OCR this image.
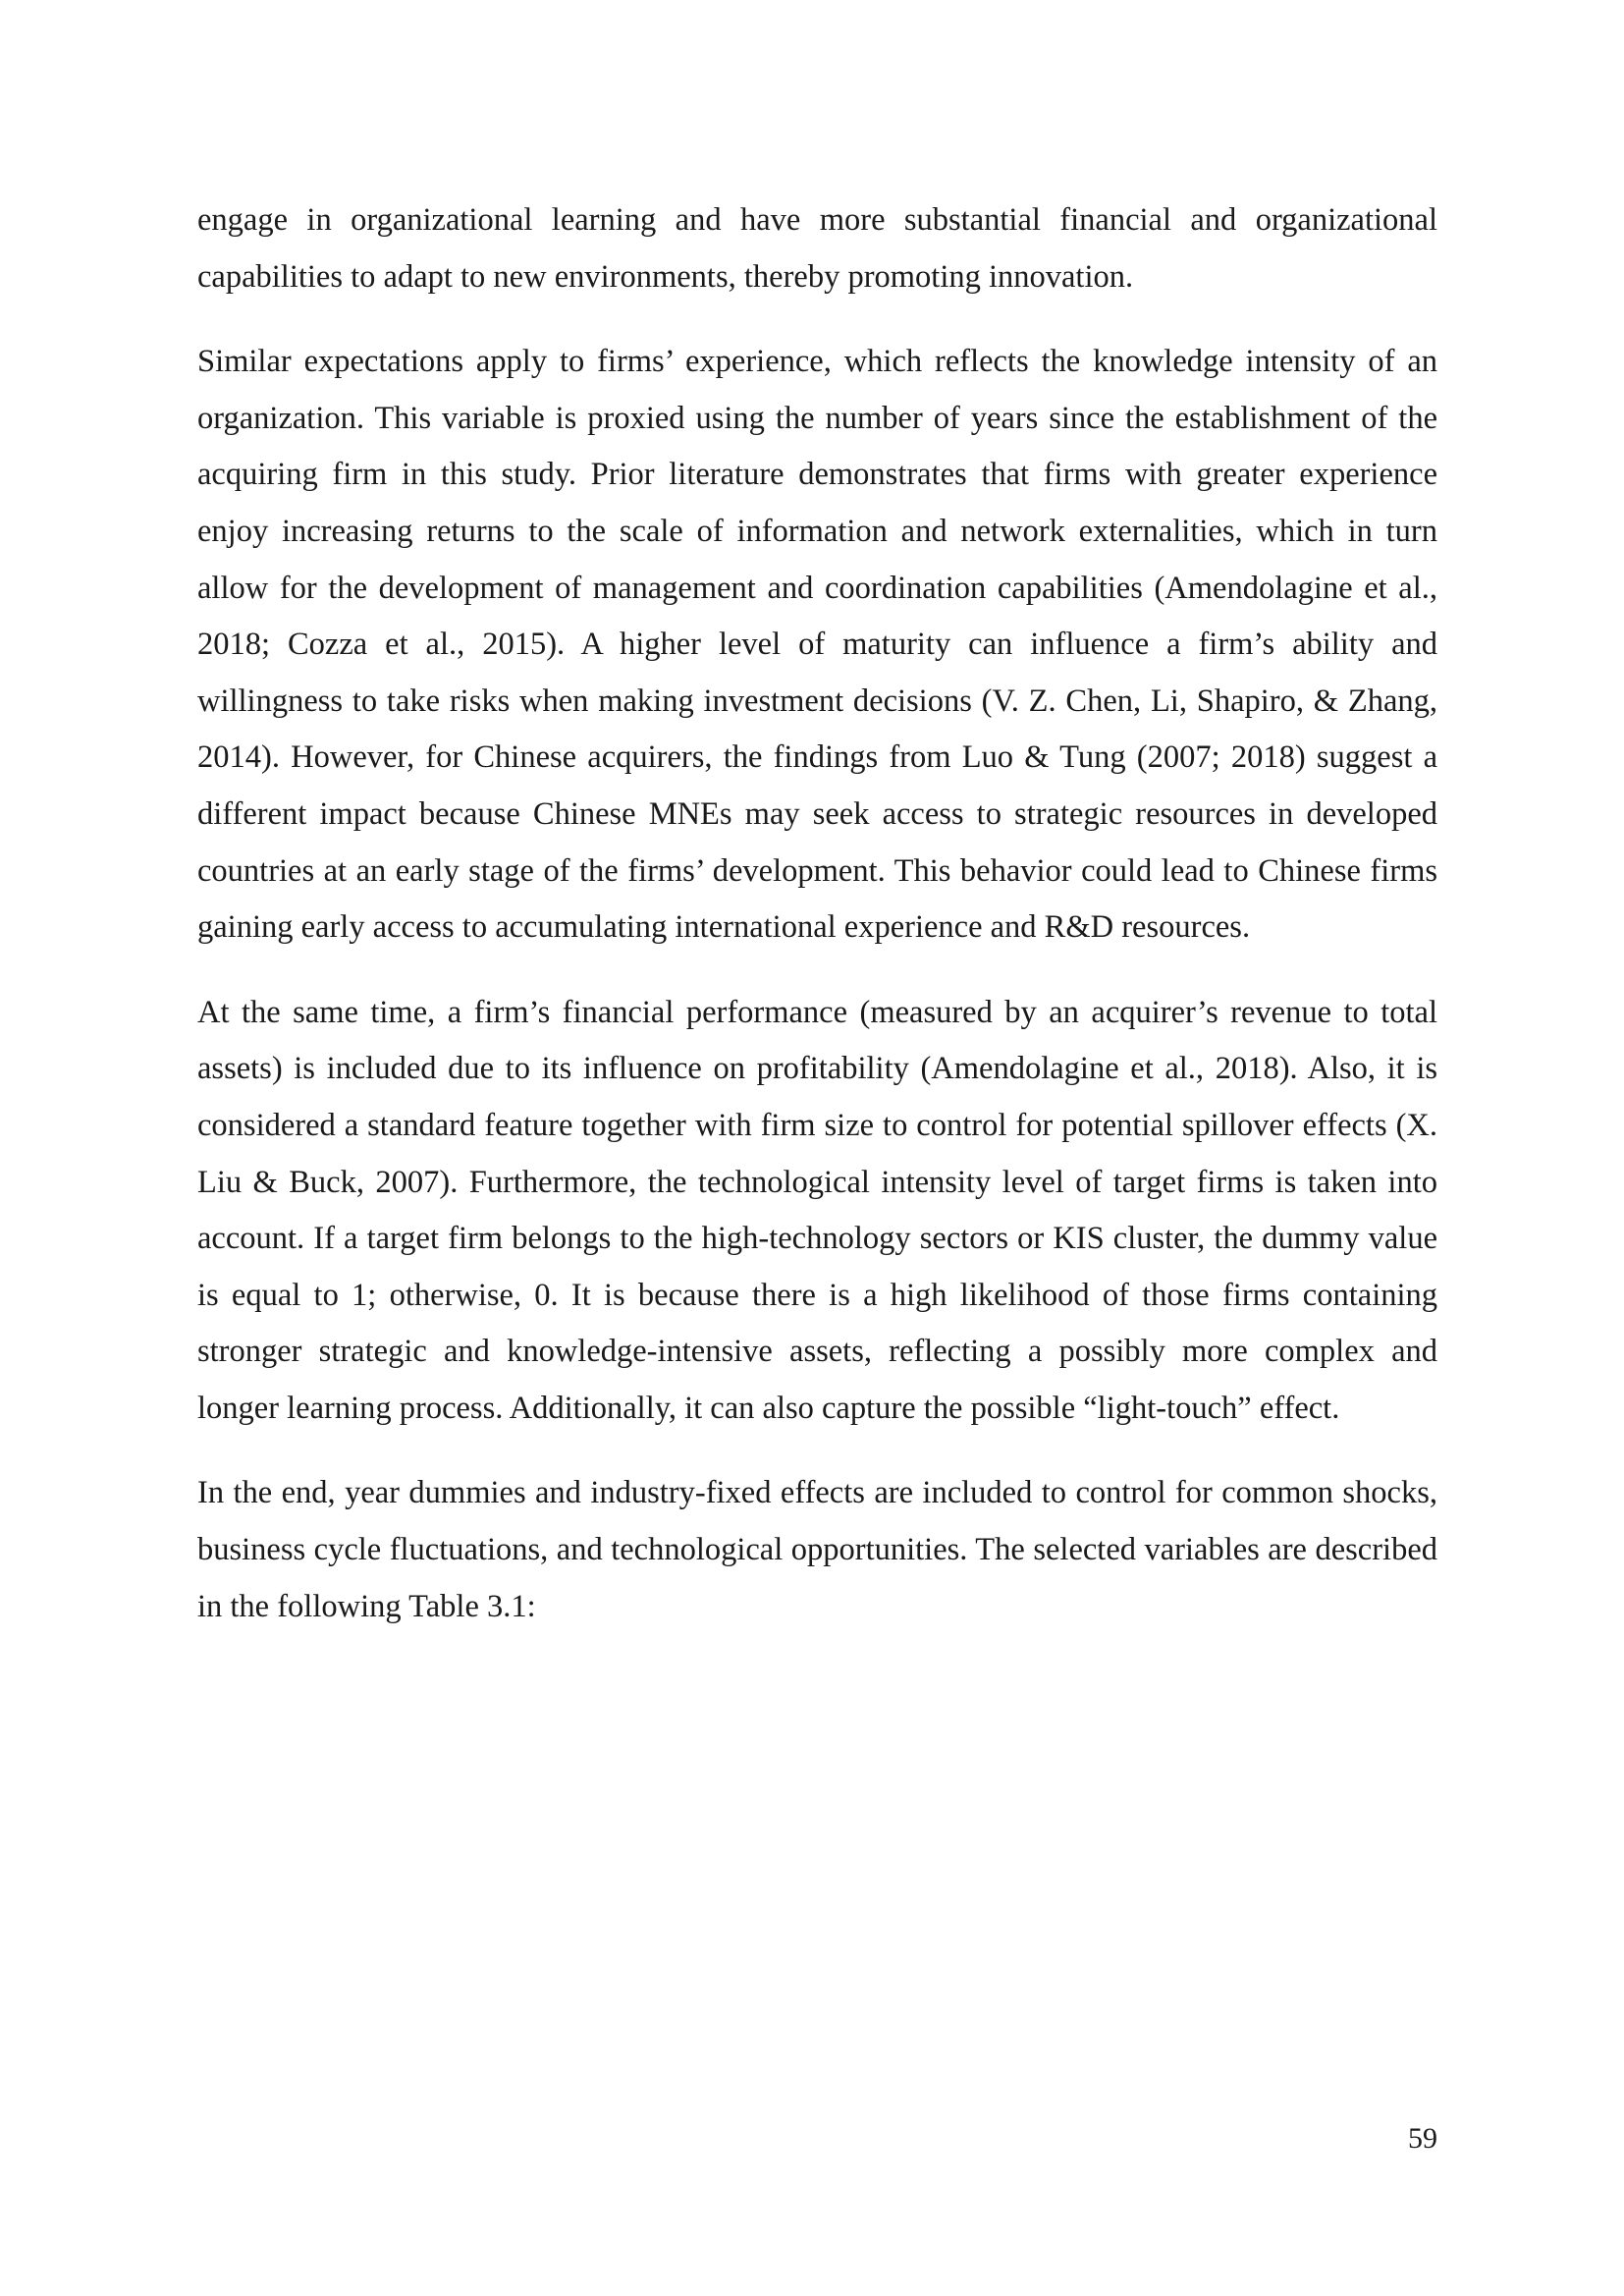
engage in organizational learning and have more substantial financial and organizational capabilities to adapt to new environments, thereby promoting innovation.

Similar expectations apply to firms’ experience, which reflects the knowledge intensity of an organization. This variable is proxied using the number of years since the establishment of the acquiring firm in this study. Prior literature demonstrates that firms with greater experience enjoy increasing returns to the scale of information and network externalities, which in turn allow for the development of management and coordination capabilities (Amendolagine et al., 2018; Cozza et al., 2015). A higher level of maturity can influence a firm’s ability and willingness to take risks when making investment decisions (V. Z. Chen, Li, Shapiro, & Zhang, 2014). However, for Chinese acquirers, the findings from Luo & Tung (2007; 2018) suggest a different impact because Chinese MNEs may seek access to strategic resources in developed countries at an early stage of the firms’ development. This behavior could lead to Chinese firms gaining early access to accumulating international experience and R&D resources.

At the same time, a firm’s financial performance (measured by an acquirer’s revenue to total assets) is included due to its influence on profitability (Amendolagine et al., 2018). Also, it is considered a standard feature together with firm size to control for potential spillover effects (X. Liu & Buck, 2007). Furthermore, the technological intensity level of target firms is taken into account. If a target firm belongs to the high-technology sectors or KIS cluster, the dummy value is equal to 1; otherwise, 0. It is because there is a high likelihood of those firms containing stronger strategic and knowledge-intensive assets, reflecting a possibly more complex and longer learning process. Additionally, it can also capture the possible “light-touch” effect.

In the end, year dummies and industry-fixed effects are included to control for common shocks, business cycle fluctuations, and technological opportunities. The selected variables are described in the following Table 3.1:

59
